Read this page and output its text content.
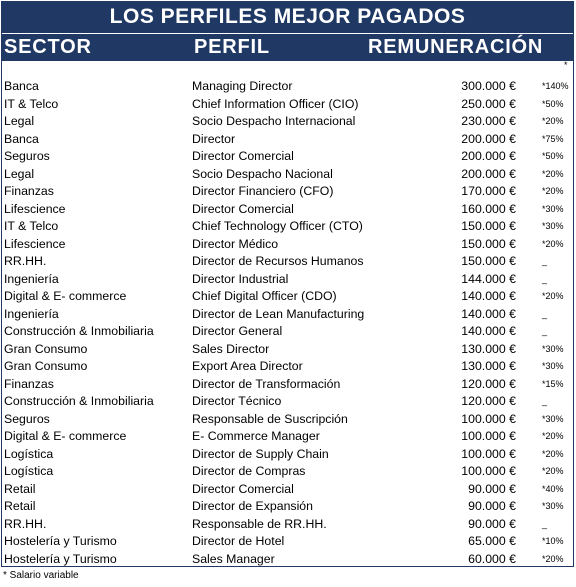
LOS PERFILES MEJOR PAGADOS
SECTOR	PERFIL	REMUNERACIÓN
*
Banca	Managing Director	300.000 €	*140%
IT & Telco	Chief Information Officer (CIO)	250.000 €	*50%
Legal	Socio Despacho Internacional	230.000 €	*20%
Banca	Director	200.000 €	*75%
Seguros	Director Comercial	200.000 €	*50%
Legal	Socio Despacho Nacional	200.000 €	*20%
Finanzas	Director Financiero (CFO)	170.000 €	*20%
Lifescience	Director Comercial	160.000 €	*30%
IT & Telco	Chief Technology Officer (CTO)	150.000 €	*30%
Lifescience	Director Médico	150.000 €	*20%
RR.HH.	Director de Recursos Humanos	150.000 €	_
Ingeniería	Director Industrial	144.000 €	_
Digital & E- commerce	Chief Digital Officer (CDO)	140.000 €	*20%
Ingeniería	Director de Lean Manufacturing	140.000 €	_
Construcción & Inmobiliaria	Director General	140.000 €	_
Gran Consumo	Sales Director	130.000 €	*30%
Gran Consumo	Export Area Director	130.000 €	*30%
Finanzas	Director de Transformación	120.000 €	*15%
Construcción & Inmobiliaria	Director Técnico	120.000 €	_
Seguros	Responsable de Suscripción	100.000 €	*30%
Digital & E- commerce	E- Commerce Manager	100.000 €	*20%
Logística	Director de Supply Chain	100.000 €	*20%
Logística	Director de Compras	100.000 €	*20%
Retail	Director Comercial	90.000 €	*40%
Retail	Director de Expansión	90.000 €	*30%
RR.HH.	Responsable de RR.HH.	90.000 €	_
Hostelería y Turismo	Director de Hotel	65.000 €	*10%
Hostelería y Turismo	Sales Manager	60.000 €	*20%
* Salario variable
